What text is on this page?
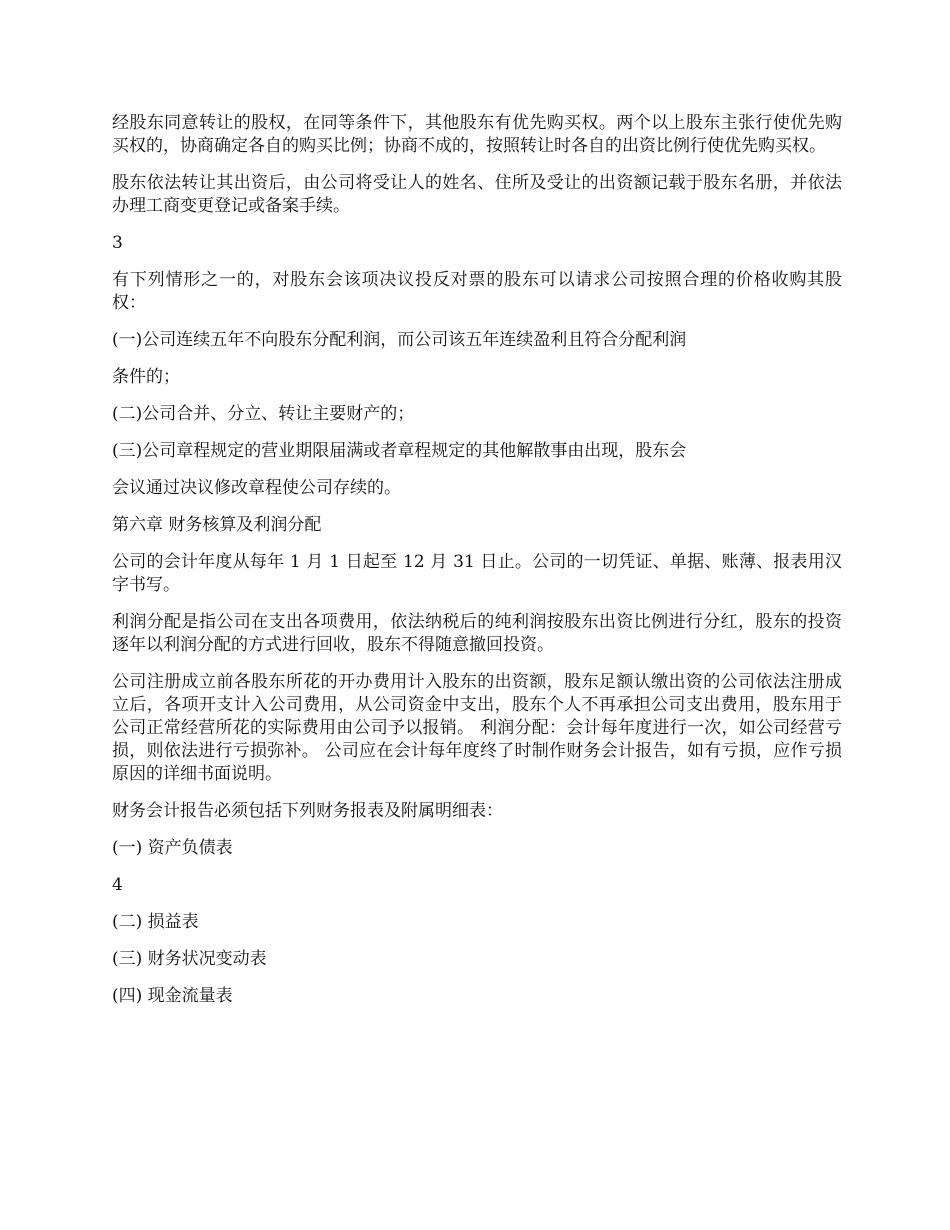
经股东同意转让的股权，在同等条件下，其他股东有优先购买权。两个以上股东主张行使优先购买权的，协商确定各自的购买比例；协商不成的，按照转让时各自的出资比例行使优先购买权。

股东依法转让其出资后，由公司将受让人的姓名、住所及受让的出资额记载于股东名册，并依法办理工商变更登记或备案手续。

3

有下列情形之一的，对股东会该项决议投反对票的股东可以请求公司按照合理的价格收购其股权：

(一)公司连续五年不向股东分配利润，而公司该五年连续盈利且符合分配利润

条件的；

(二)公司合并、分立、转让主要财产的；

(三)公司章程规定的营业期限届满或者章程规定的其他解散事由出现，股东会

会议通过决议修改章程使公司存续的。

第六章 财务核算及利润分配

公司的会计年度从每年 1 月 1 日起至 12 月 31 日止。公司的一切凭证、单据、账薄、报表用汉字书写。

利润分配是指公司在支出各项费用，依法纳税后的纯利润按股东出资比例进行分红，股东的投资逐年以利润分配的方式进行回收，股东不得随意撤回投资。

公司注册成立前各股东所花的开办费用计入股东的出资额，股东足额认缴出资的公司依法注册成立后，各项开支计入公司费用，从公司资金中支出，股东个人不再承担公司支出费用，股东用于公司正常经营所花的实际费用由公司予以报销。 利润分配：会计每年度进行一次，如公司经营亏损，则依法进行亏损弥补。 公司应在会计每年度终了时制作财务会计报告，如有亏损，应作亏损原因的详细书面说明。

财务会计报告必须包括下列财务报表及附属明细表：

(一) 资产负债表

4

(二) 损益表

(三) 财务状况变动表

(四) 现金流量表
